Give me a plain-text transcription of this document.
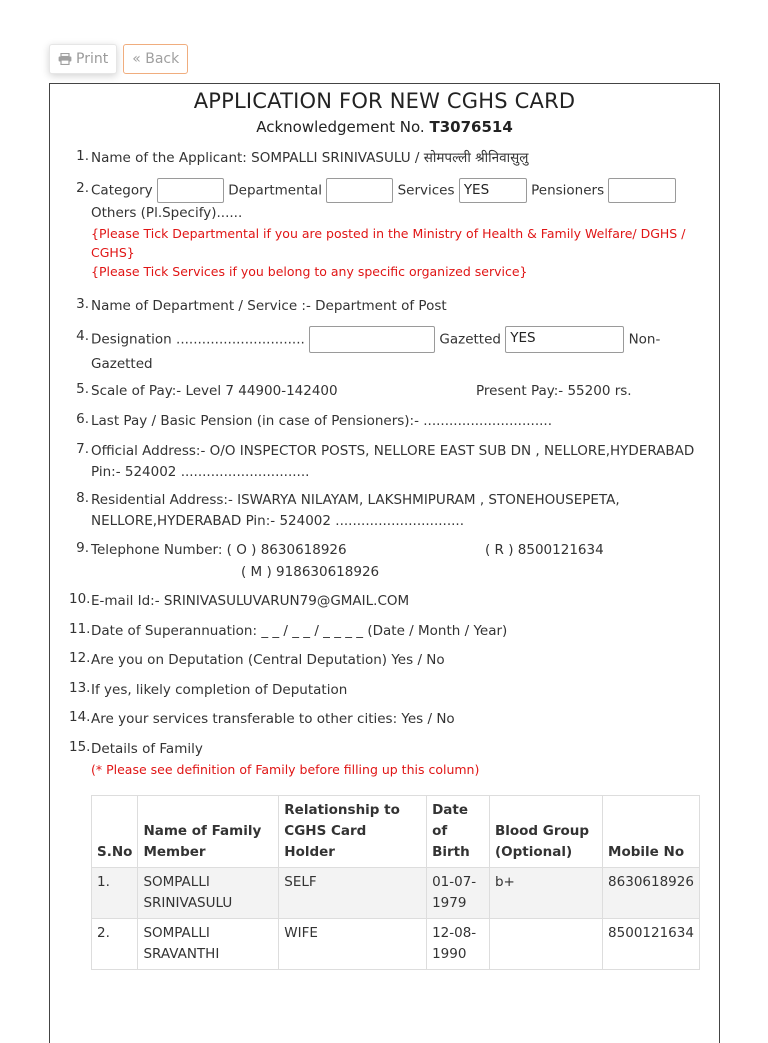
Print « Back
APPLICATION FOR NEW CGHS CARD
Acknowledgement No. T3076514
1. Name of the Applicant: SOMPALLI SRINIVASULU / सोमपल्ली श्रीनिवासुलु
2. Category	Departmental	Services YES	Pensioners
Others (Pl.Specify)......
{Please Tick Departmental if you are posted in the Ministry of Health & Family Welfare/ DGHS / CGHS}
{Please Tick Services if you belong to any specific organized service}
3. Name of Department / Service :- Department of Post
4. Designation ..............................	Gazetted YES	Non-Gazetted
5. Scale of Pay:- Level 7 44900-142400	Present Pay:- 55200 rs.
6. Last Pay / Basic Pension (in case of Pensioners):- ..............................
7. Official Address:- O/O INSPECTOR POSTS, NELLORE EAST SUB DN , NELLORE,HYDERABAD Pin:- 524002 ..............................
8. Residential Address:- ISWARYA NILAYAM, LAKSHMIPURAM , STONEHOUSEPETA, NELLORE,HYDERABAD Pin:- 524002 ..............................
9. Telephone Number: ( O ) 8630618926	( R ) 8500121634
( M ) 918630618926
10. E-mail Id:- SRINIVASULUVARUN79@GMAIL.COM
11. Date of Superannuation: _ _ / _ _ / _ _ _ _ (Date / Month / Year)
12. Are you on Deputation (Central Deputation) Yes / No
13. If yes, likely completion of Deputation
14. Are your services transferable to other cities: Yes / No
15. Details of Family
(* Please see definition of Family before filling up this column)
S.No	Name of Family Member	Relationship to CGHS Card Holder	Date of Birth	Blood Group (Optional)	Mobile No
1.	SOMPALLI SRINIVASULU	SELF	01-07-1979	b+	8630618926
2.	SOMPALLI SRAVANTHI	WIFE	12-08-1990		8500121634
